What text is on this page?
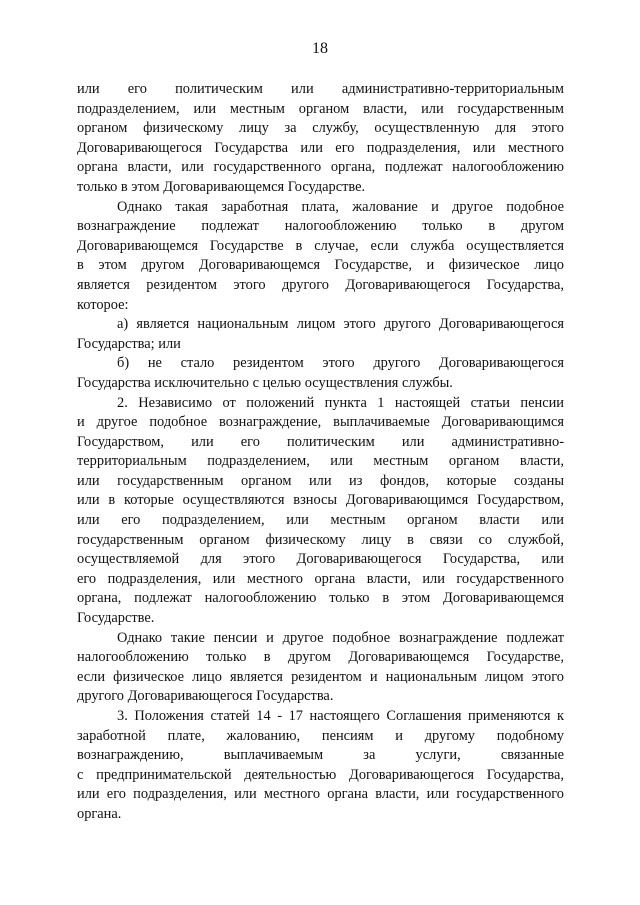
18
или его политическим или административно-территориальным
подразделением, или местным органом власти, или государственным
органом физическому лицу за службу, осуществленную для этого
Договаривающегося Государства или его подразделения, или местного
органа власти, или государственного органа, подлежат налогообложению
только в этом Договаривающемся Государстве.
Однако такая заработная плата, жалование и другое подобное
вознаграждение подлежат налогообложению только в другом
Договаривающемся Государстве в случае, если служба осуществляется
в этом другом Договаривающемся Государстве, и физическое лицо
является резидентом этого другого Договаривающегося Государства,
которое:
а) является национальным лицом этого другого Договаривающегося
Государства; или
б) не стало резидентом этого другого Договаривающегося
Государства исключительно с целью осуществления службы.
2. Независимо от положений пункта 1 настоящей статьи пенсии
и другое подобное вознаграждение, выплачиваемые Договаривающимся
Государством, или его политическим или административно-
территориальным подразделением, или местным органом власти,
или государственным органом или из фондов, которые созданы
или в которые осуществляются взносы Договаривающимся Государством,
или его подразделением, или местным органом власти или
государственным органом физическому лицу в связи со службой,
осуществляемой для этого Договаривающегося Государства, или
его подразделения, или местного органа власти, или государственного
органа, подлежат налогообложению только в этом Договаривающемся
Государстве.
Однако такие пенсии и другое подобное вознаграждение подлежат
налогообложению только в другом Договаривающемся Государстве,
если физическое лицо является резидентом и национальным лицом этого
другого Договаривающегося Государства.
3. Положения статей 14 - 17 настоящего Соглашения применяются к
заработной плате, жалованию, пенсиям и другому подобному
вознаграждению, выплачиваемым за услуги, связанные
с предпринимательской деятельностью Договаривающегося Государства,
или его подразделения, или местного органа власти, или государственного
органа.
